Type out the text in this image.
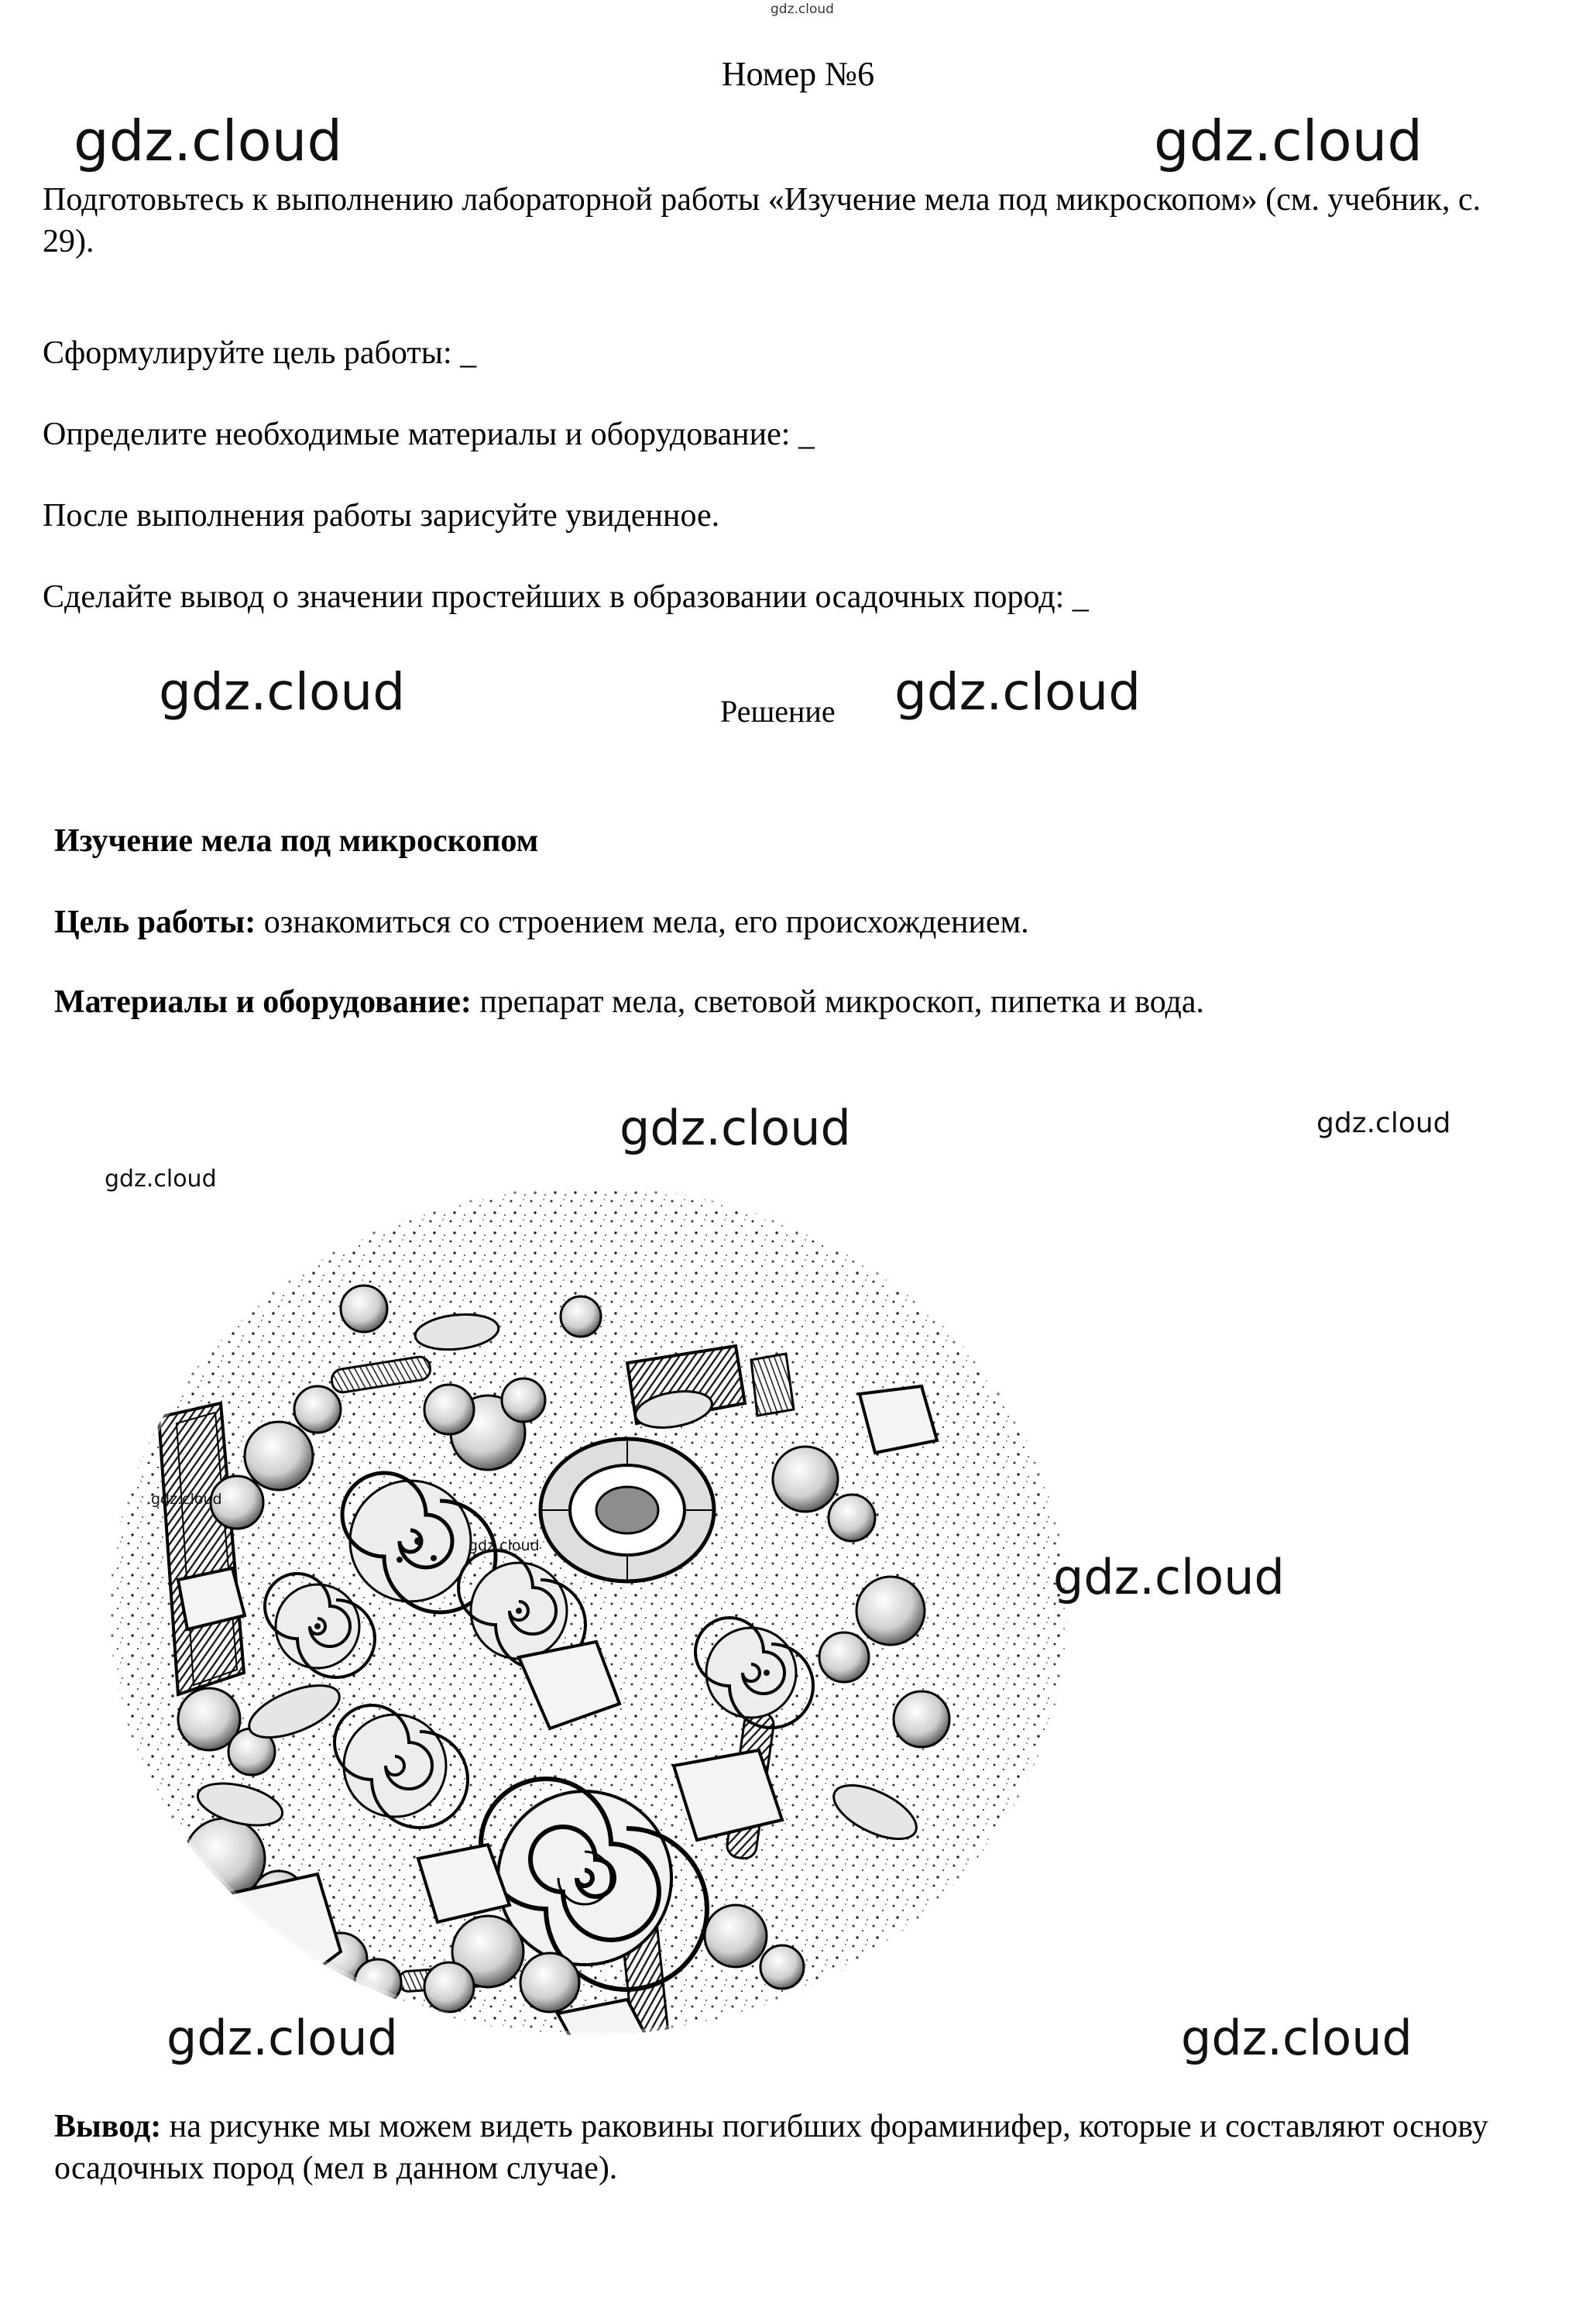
Номер №6
Подготовьтесь к выполнению лабораторной работы «Изучение мела под микроскопом» (см. учебник, с. 29).
Сформулируйте цель работы: _
Определите необходимые материалы и оборудование: _
После выполнения работы зарисуйте увиденное.
Сделайте вывод о значении простейших в образовании осадочных пород: _
Решение
Изучение мела под микроскопом
Цель работы: ознакомиться со строением мела, его происхождением.
Материалы и оборудование: препарат мела, световой микроскоп, пипетка и вода.
Вывод: на рисунке мы можем видеть раковины погибших фораминифер, которые и составляют основу осадочных пород (мел в данном случае).
gdz.cloud
gdz.cloud	gdz.cloud
gdz.cloud	gdz.cloud
gdz.cloud	gdz.cloud
gdz.cloud
gdz.cloud
gdz.cloud
gdz.cloud
gdz.cloud	gdz.cloud
